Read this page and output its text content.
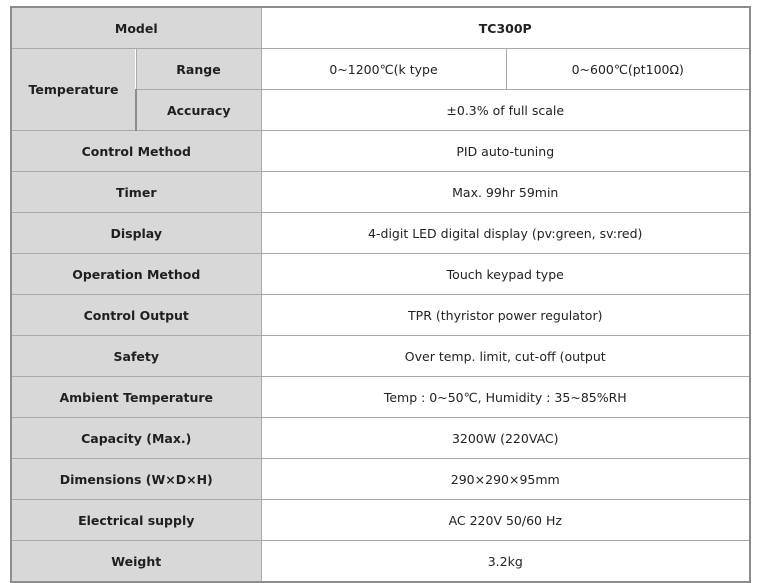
Model		TC300P	
Temperature	Range	0~1200℃(k type	0~600℃(pt100Ω)
	Accuracy	±0.3% of full scale	
Control Method		PID auto-tuning	
Timer		Max. 99hr 59min	
Display		4-digit LED digital display (pv:green, sv:red)	
Operation Method		Touch keypad type	
Control Output		TPR (thyristor power regulator)	
Safety		Over temp. limit, cut-off (output	
Ambient Temperature		Temp : 0~50℃, Humidity : 35~85%RH	
Capacity (Max.)		3200W (220VAC)	
Dimensions (W×D×H)		290×290×95mm	
Electrical supply		AC 220V 50/60 Hz	
Weight		3.2kg	
